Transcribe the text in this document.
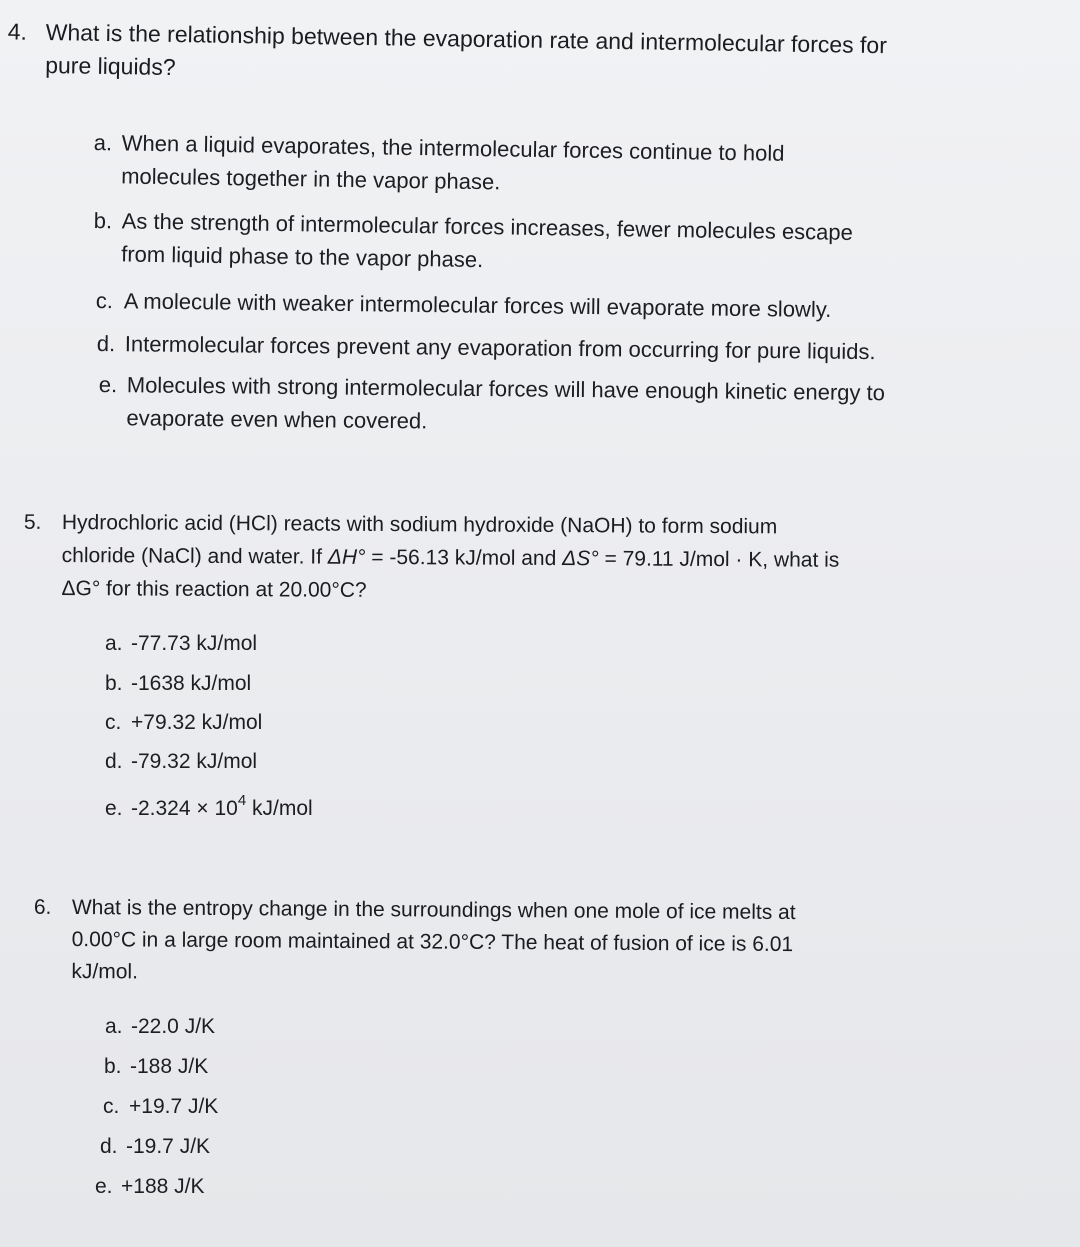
4. What is the relationship between the evaporation rate and intermolecular forces for
pure liquids?
a. When a liquid evaporates, the intermolecular forces continue to hold
molecules together in the vapor phase.
b. As the strength of intermolecular forces increases, fewer molecules escape
from liquid phase to the vapor phase.
c. A molecule with weaker intermolecular forces will evaporate more slowly.
d. Intermolecular forces prevent any evaporation from occurring for pure liquids.
e. Molecules with strong intermolecular forces will have enough kinetic energy to
evaporate even when covered.
5. Hydrochloric acid (HCl) reacts with sodium hydroxide (NaOH) to form sodium
chloride (NaCl) and water. If ΔH° = -56.13 kJ/mol and ΔS° = 79.11 J/mol · K, what is
ΔG° for this reaction at 20.00°C?
a. -77.73 kJ/mol
b. -1638 kJ/mol
c. +79.32 kJ/mol
d. -79.32 kJ/mol
e. $-2.324 \times 10^4$ kJ/mol
6. What is the entropy change in the surroundings when one mole of ice melts at
0.00°C in a large room maintained at 32.0°C? The heat of fusion of ice is 6.01
kJ/mol.
a. -22.0 J/K
b. -188 J/K
c. +19.7 J/K
d. -19.7 J/K
e. +188 J/K
